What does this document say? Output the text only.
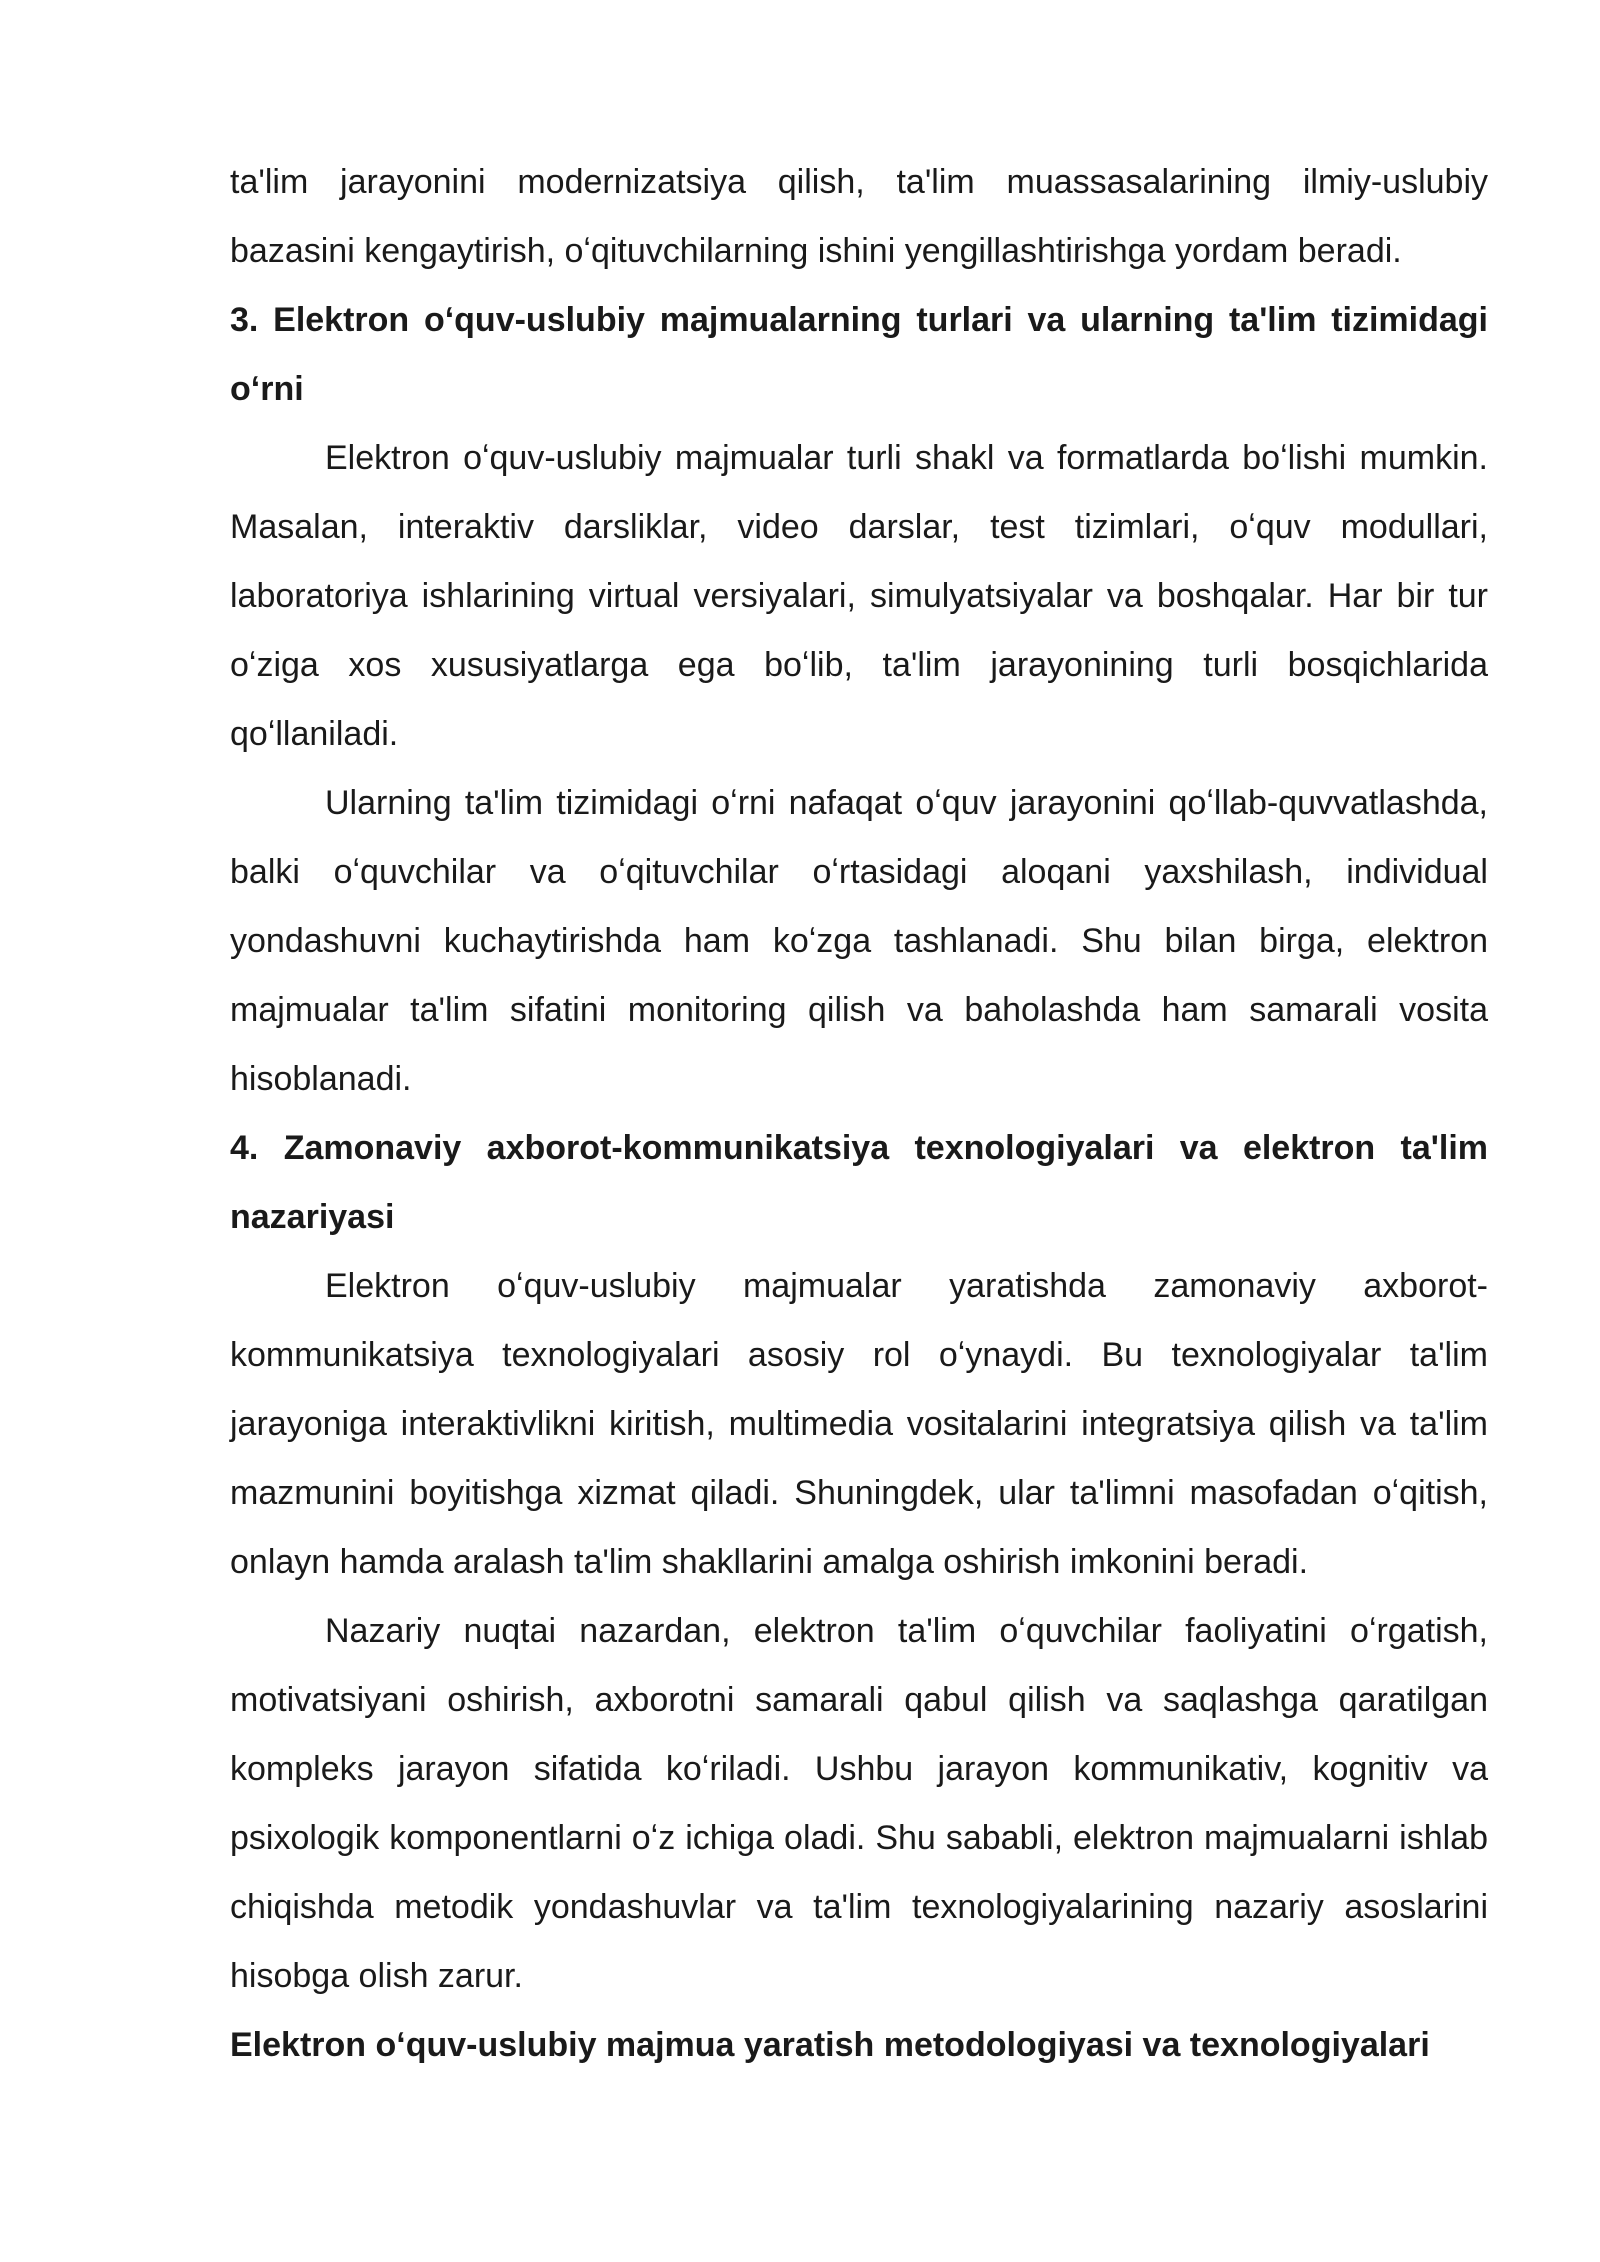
ta'lim jarayonini modernizatsiya qilish, ta'lim muassasalarining ilmiy-uslubiy bazasini kengaytirish, oʻqituvchilarning ishini yengillashtirishga yordam beradi.

3. Elektron oʻquv-uslubiy majmualarning turlari va ularning ta'lim tizimidagi oʻrni

Elektron oʻquv-uslubiy majmualar turli shakl va formatlarda boʻlishi mumkin. Masalan, interaktiv darsliklar, video darslar, test tizimlari, oʻquv modullari, laboratoriya ishlarining virtual versiyalari, simulyatsiyalar va boshqalar. Har bir tur oʻziga xos xususiyatlarga ega boʻlib, ta'lim jarayonining turli bosqichlarida qoʻllaniladi.

Ularning ta'lim tizimidagi oʻrni nafaqat oʻquv jarayonini qoʻllab-quvvatlashda, balki oʻquvchilar va oʻqituvchilar oʻrtasidagi aloqani yaxshilash, individual yondashuvni kuchaytirishda ham koʻzga tashlanadi. Shu bilan birga, elektron majmualar ta'lim sifatini monitoring qilish va baholashda ham samarali vosita hisoblanadi.

4. Zamonaviy axborot-kommunikatsiya texnologiyalari va elektron ta'lim nazariyasi

Elektron oʻquv-uslubiy majmualar yaratishda zamonaviy axborot-kommunikatsiya texnologiyalari asosiy rol oʻynaydi. Bu texnologiyalar ta'lim jarayoniga interaktivlikni kiritish, multimedia vositalarini integratsiya qilish va ta'lim mazmunini boyitishga xizmat qiladi. Shuningdek, ular ta'limni masofadan oʻqitish, onlayn hamda aralash ta'lim shakllarini amalga oshirish imkonini beradi.

Nazariy nuqtai nazardan, elektron ta'lim oʻquvchilar faoliyatini oʻrgatish, motivatsiyani oshirish, axborotni samarali qabul qilish va saqlashga qaratilgan kompleks jarayon sifatida koʻriladi. Ushbu jarayon kommunikativ, kognitiv va psixologik komponentlarni oʻz ichiga oladi. Shu sababli, elektron majmualarni ishlab chiqishda metodik yondashuvlar va ta'lim texnologiyalarining nazariy asoslarini hisobga olish zarur.

Elektron oʻquv-uslubiy majmua yaratish metodologiyasi va texnologiyalari
